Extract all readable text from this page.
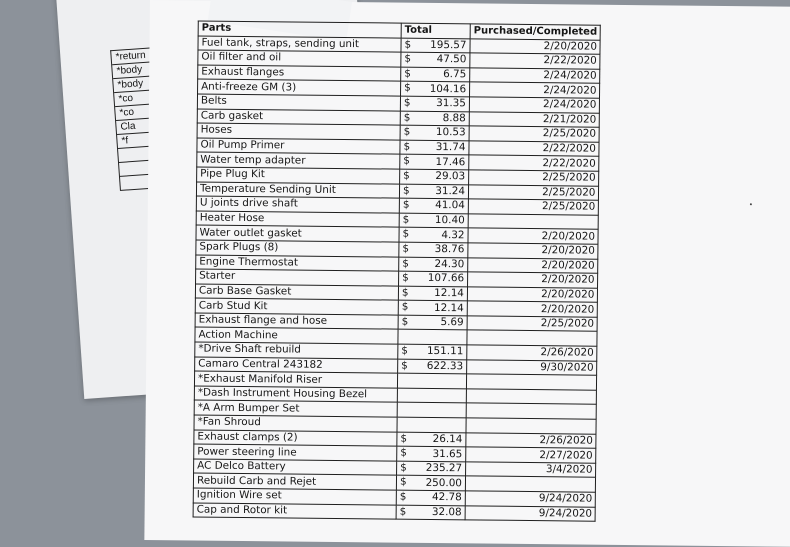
*return
*body
*body
*co
*co
Cla
*f
Parts	Total	Purchased/Completed
Fuel tank, straps, sending unit	$ 195.57	2/20/2020
Oil filter and oil	$ 47.50	2/22/2020
Exhaust flanges	$ 6.75	2/24/2020
Anti-freeze GM (3)	$ 104.16	2/24/2020
Belts	$ 31.35	2/24/2020
Carb gasket	$ 8.88	2/21/2020
Hoses	$ 10.53	2/25/2020
Oil Pump Primer	$ 31.74	2/22/2020
Water temp adapter	$ 17.46	2/22/2020
Pipe Plug Kit	$ 29.03	2/25/2020
Temperature Sending Unit	$ 31.24	2/25/2020
U joints drive shaft	$ 41.04	2/25/2020
Heater Hose	$ 10.40	

Water outlet gasket	$ 4.32	2/20/2020
Spark Plugs (8)	$ 38.76	2/20/2020
Engine Thermostat	$ 24.30	2/20/2020
Starter	$ 107.66	2/20/2020
Carb Base Gasket	$ 12.14	2/20/2020
Carb Stud Kit	$ 12.14	2/20/2020
Exhaust flange and hose	$ 5.69	2/25/2020
Action Machine	

*Drive Shaft rebuild	$ 151.11	2/26/2020
Camaro Central 243182	$ 622.33	9/30/2020
*Exhaust Manifold Riser	

*Dash Instrument Housing Bezel	

*A Arm Bumper Set	

*Fan Shroud	

Exhaust clamps (2)	$ 26.14	2/26/2020
Power steering line	$ 31.65	2/27/2020
AC Delco Battery	$ 235.27	3/4/2020
Rebuild Carb and Rejet	$ 250.00	

Ignition Wire set	$ 42.78	9/24/2020
Cap and Rotor kit	$ 32.08	9/24/2020
